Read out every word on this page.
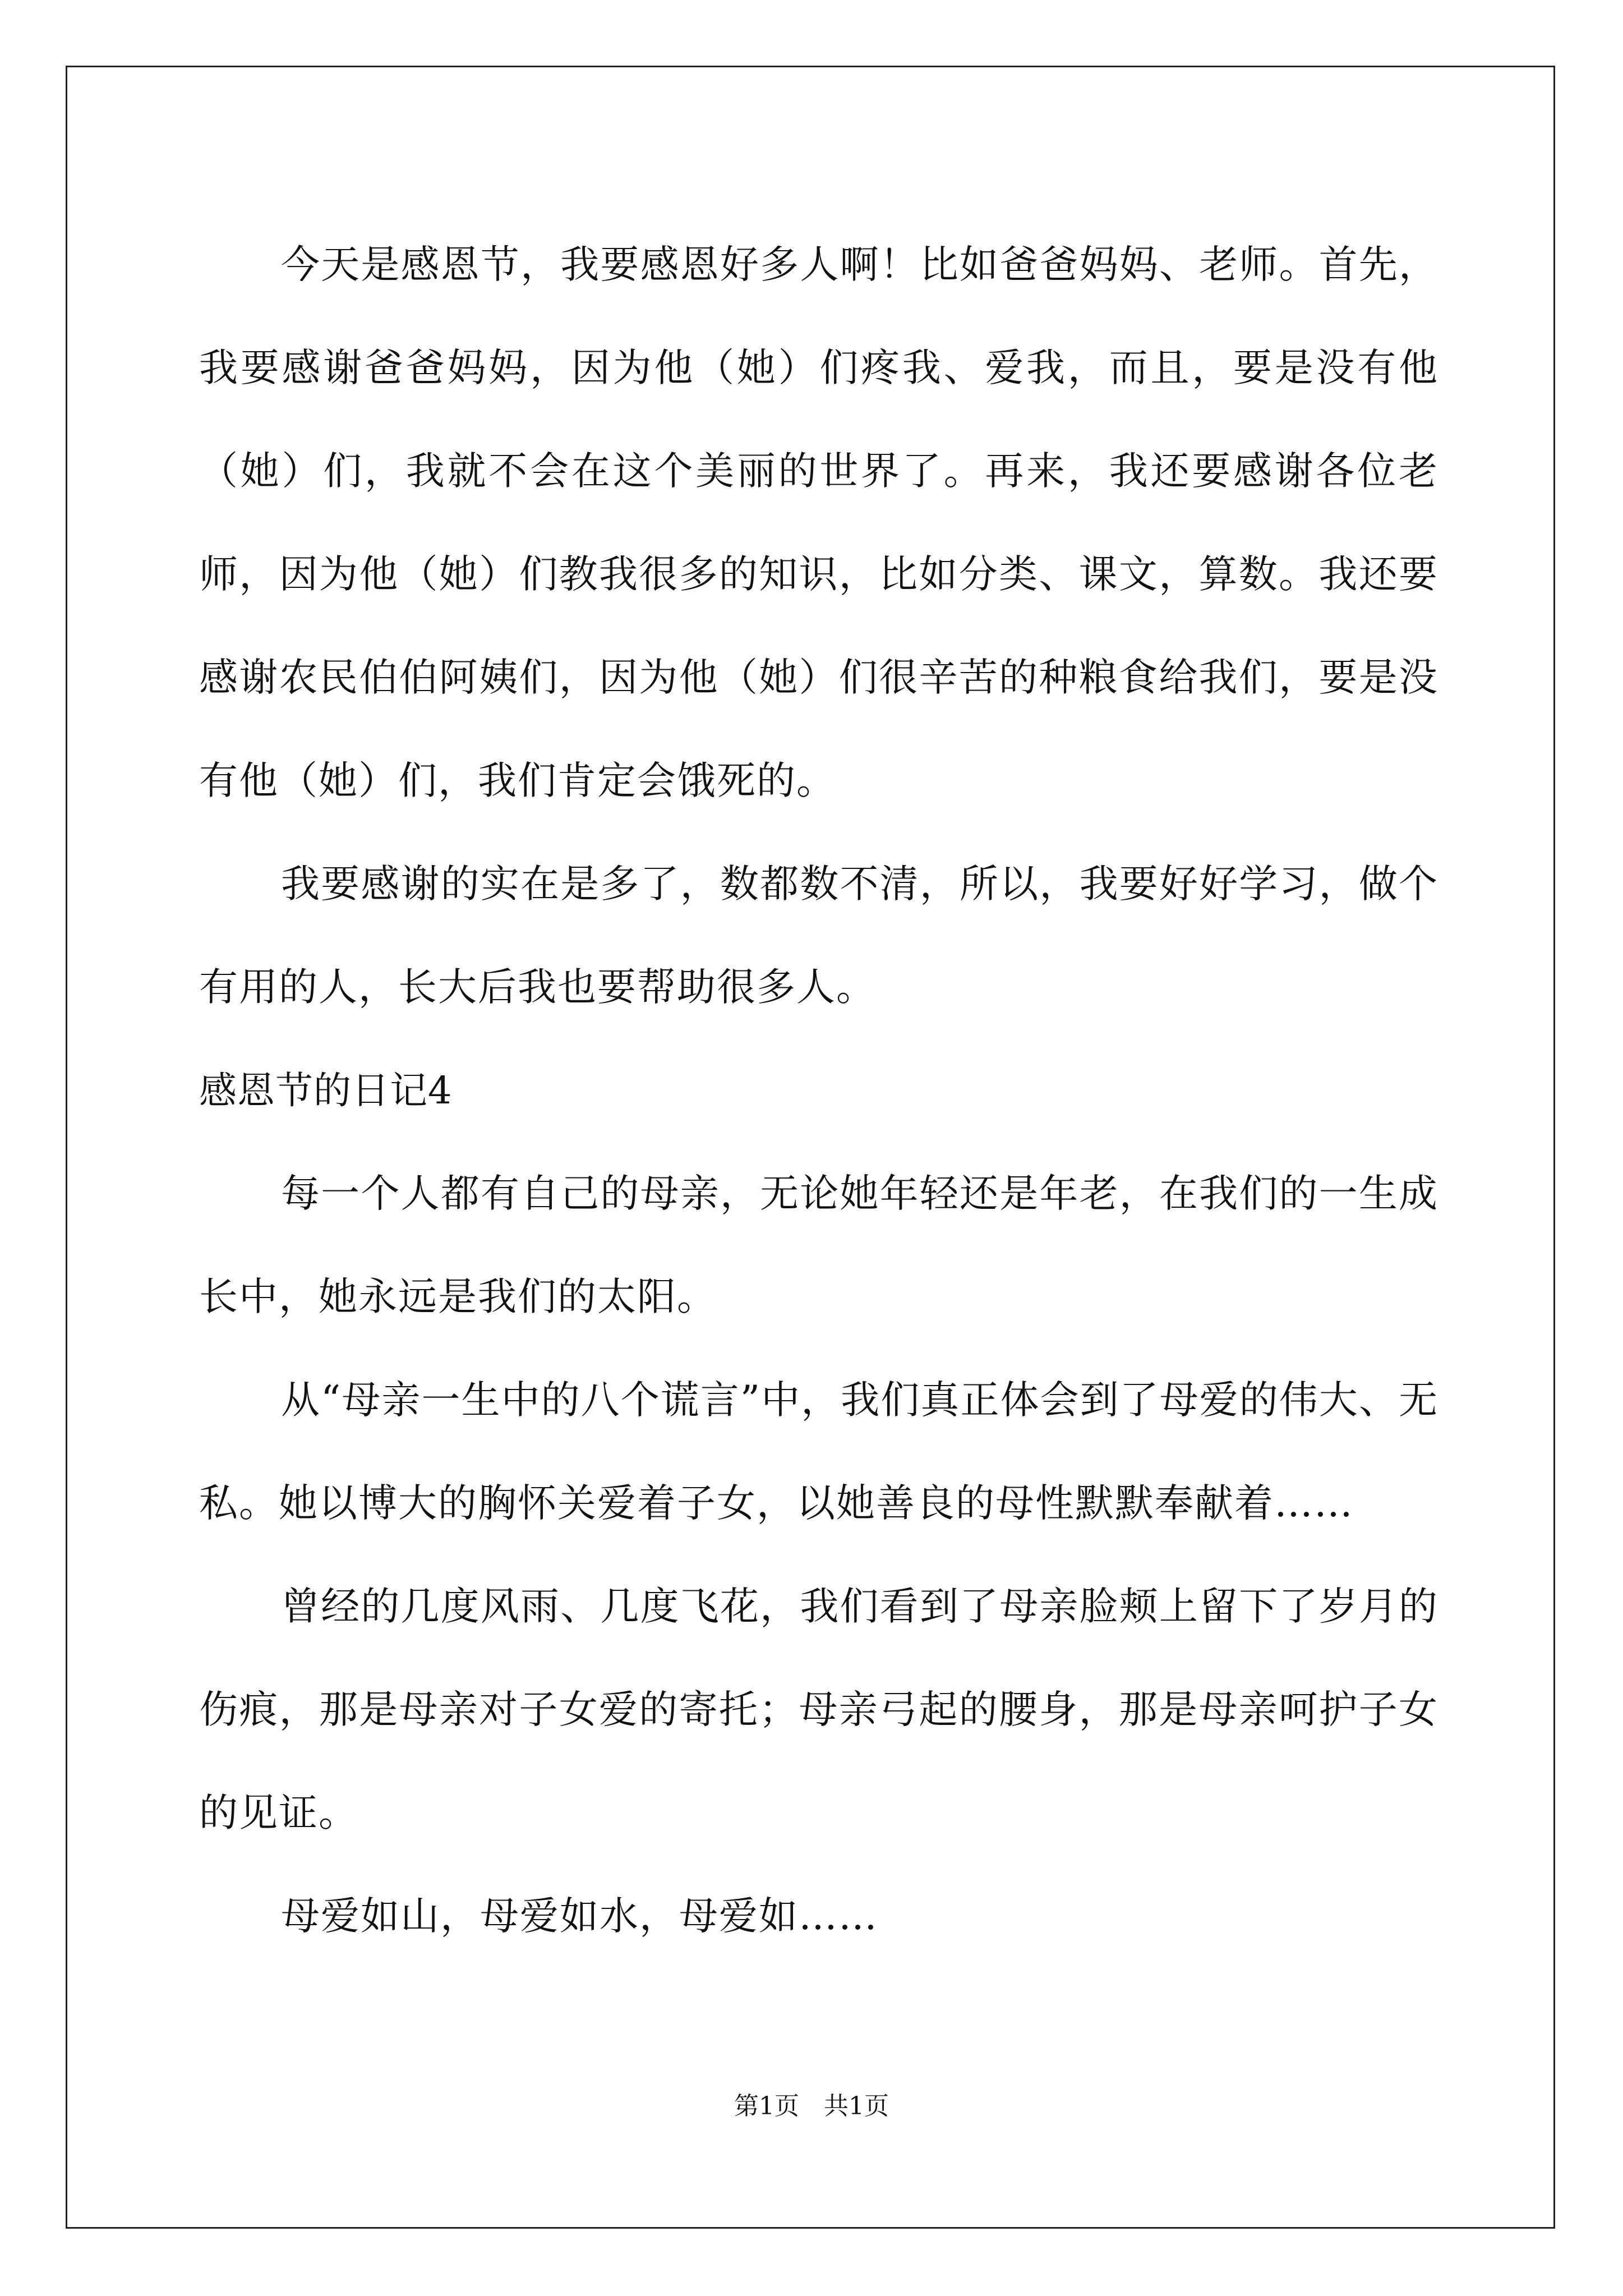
今天是感恩节，我要感恩好多人啊！比如爸爸妈妈、老师。首先，我要感谢爸爸妈妈，因为他（她）们疼我、爱我，而且，要是没有他（她）们，我就不会在这个美丽的世界了。再来，我还要感谢各位老师，因为他（她）们教我很多的知识，比如分类、课文，算数。我还要感谢农民伯伯阿姨们，因为他（她）们很辛苦的种粮食给我们，要是没有他（她）们，我们肯定会饿死的。

我要感谢的实在是多了，数都数不清，所以，我要好好学习，做个有用的人，长大后我也要帮助很多人。

感恩节的日记4

每一个人都有自己的母亲，无论她年轻还是年老，在我们的一生成长中，她永远是我们的太阳。

从“母亲一生中的八个谎言”中，我们真正体会到了母爱的伟大、无私。她以博大的胸怀关爱着子女，以她善良的母性默默奉献着……

曾经的几度风雨、几度飞花，我们看到了母亲脸颊上留下了岁月的伤痕，那是母亲对子女爱的寄托；母亲弓起的腰身，那是母亲呵护子女的见证。

母爱如山，母爱如水，母爱如……

第1页　共1页
